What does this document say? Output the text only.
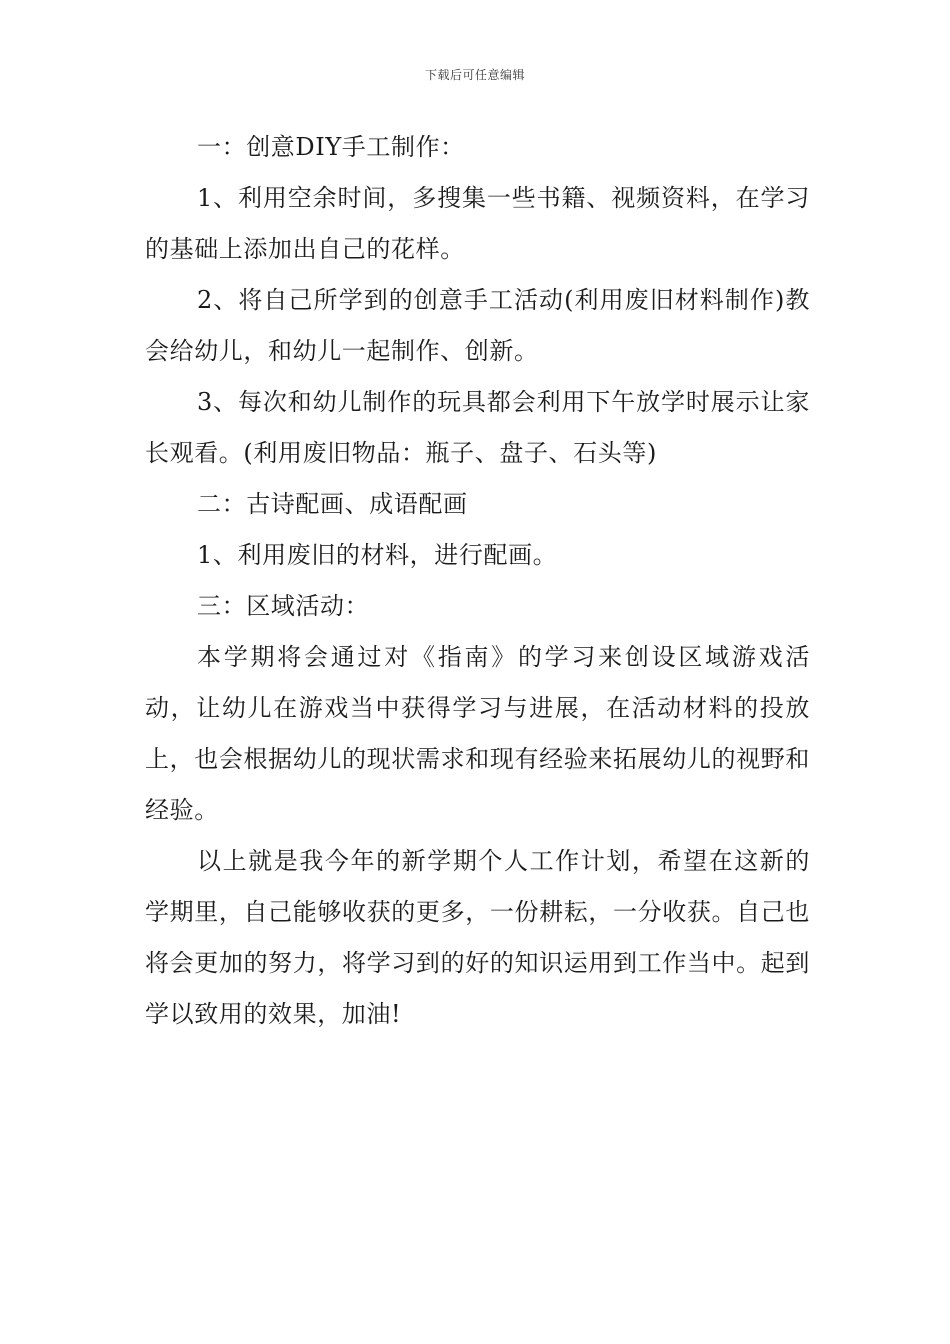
下载后可任意编辑

一：创意DIY手工制作：

1、利用空余时间，多搜集一些书籍、视频资料，在学习的基础上添加出自己的花样。

2、将自己所学到的创意手工活动(利用废旧材料制作)教会给幼儿，和幼儿一起制作、创新。

3、每次和幼儿制作的玩具都会利用下午放学时展示让家长观看。(利用废旧物品：瓶子、盘子、石头等)

二：古诗配画、成语配画

1、利用废旧的材料，进行配画。

三：区域活动：

本学期将会通过对《指南》的学习来创设区域游戏活动，让幼儿在游戏当中获得学习与进展，在活动材料的投放上，也会根据幼儿的现状需求和现有经验来拓展幼儿的视野和经验。

以上就是我今年的新学期个人工作计划，希望在这新的学期里，自己能够收获的更多，一份耕耘，一分收获。自己也将会更加的努力，将学习到的好的知识运用到工作当中。起到学以致用的效果，加油!
